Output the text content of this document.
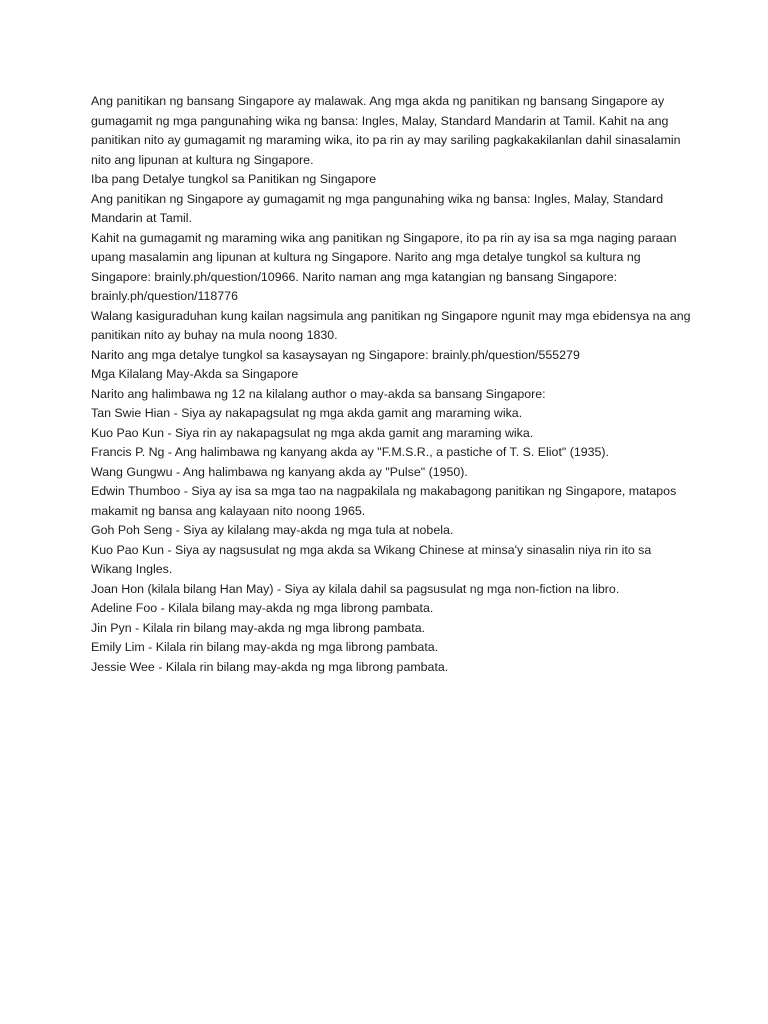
Ang panitikan ng bansang Singapore ay malawak. Ang mga akda ng panitikan ng bansang Singapore ay gumagamit ng mga pangunahing wika ng bansa: Ingles, Malay, Standard Mandarin at Tamil. Kahit na ang panitikan nito ay gumagamit ng maraming wika, ito pa rin ay may sariling pagkakakilanlan dahil sinasalamin nito ang lipunan at kultura ng Singapore.

Iba pang Detalye tungkol sa Panitikan ng Singapore

Ang panitikan ng Singapore ay gumagamit ng mga pangunahing wika ng bansa: Ingles, Malay, Standard Mandarin at Tamil.

Kahit na gumagamit ng maraming wika ang panitikan ng Singapore, ito pa rin ay isa sa mga naging paraan upang masalamin ang lipunan at kultura ng Singapore. Narito ang mga detalye tungkol sa kultura ng Singapore: brainly.ph/question/10966. Narito naman ang mga katangian ng bansang Singapore: brainly.ph/question/118776

Walang kasiguraduhan kung kailan nagsimula ang panitikan ng Singapore ngunit may mga ebidensya na ang panitikan nito ay buhay na mula noong 1830.

Narito ang mga detalye tungkol sa kasaysayan ng Singapore: brainly.ph/question/555279

Mga Kilalang May-Akda sa Singapore

Narito ang halimbawa ng 12 na kilalang author o may-akda sa bansang Singapore:

Tan Swie Hian - Siya ay nakapagsulat ng mga akda gamit ang maraming wika.

Kuo Pao Kun - Siya rin ay nakapagsulat ng mga akda gamit ang maraming wika.

Francis P. Ng - Ang halimbawa ng kanyang akda ay "F.M.S.R., a pastiche of T. S. Eliot" (1935).

Wang Gungwu - Ang halimbawa ng kanyang akda ay "Pulse" (1950).

Edwin Thumboo - Siya ay isa sa mga tao na nagpakilala ng makabagong panitikan ng Singapore, matapos makamit ng bansa ang kalayaan nito noong 1965.

Goh Poh Seng - Siya ay kilalang may-akda ng mga tula at nobela.

Kuo Pao Kun - Siya ay nagsusulat ng mga akda sa Wikang Chinese at minsa'y sinasalin niya rin ito sa Wikang Ingles.

Joan Hon (kilala bilang Han May) - Siya ay kilala dahil sa pagsusulat ng mga non-fiction na libro.

Adeline Foo - Kilala bilang may-akda ng mga librong pambata.

Jin Pyn - Kilala rin bilang may-akda ng mga librong pambata.

Emily Lim - Kilala rin bilang may-akda ng mga librong pambata.

Jessie Wee - Kilala rin bilang may-akda ng mga librong pambata.
